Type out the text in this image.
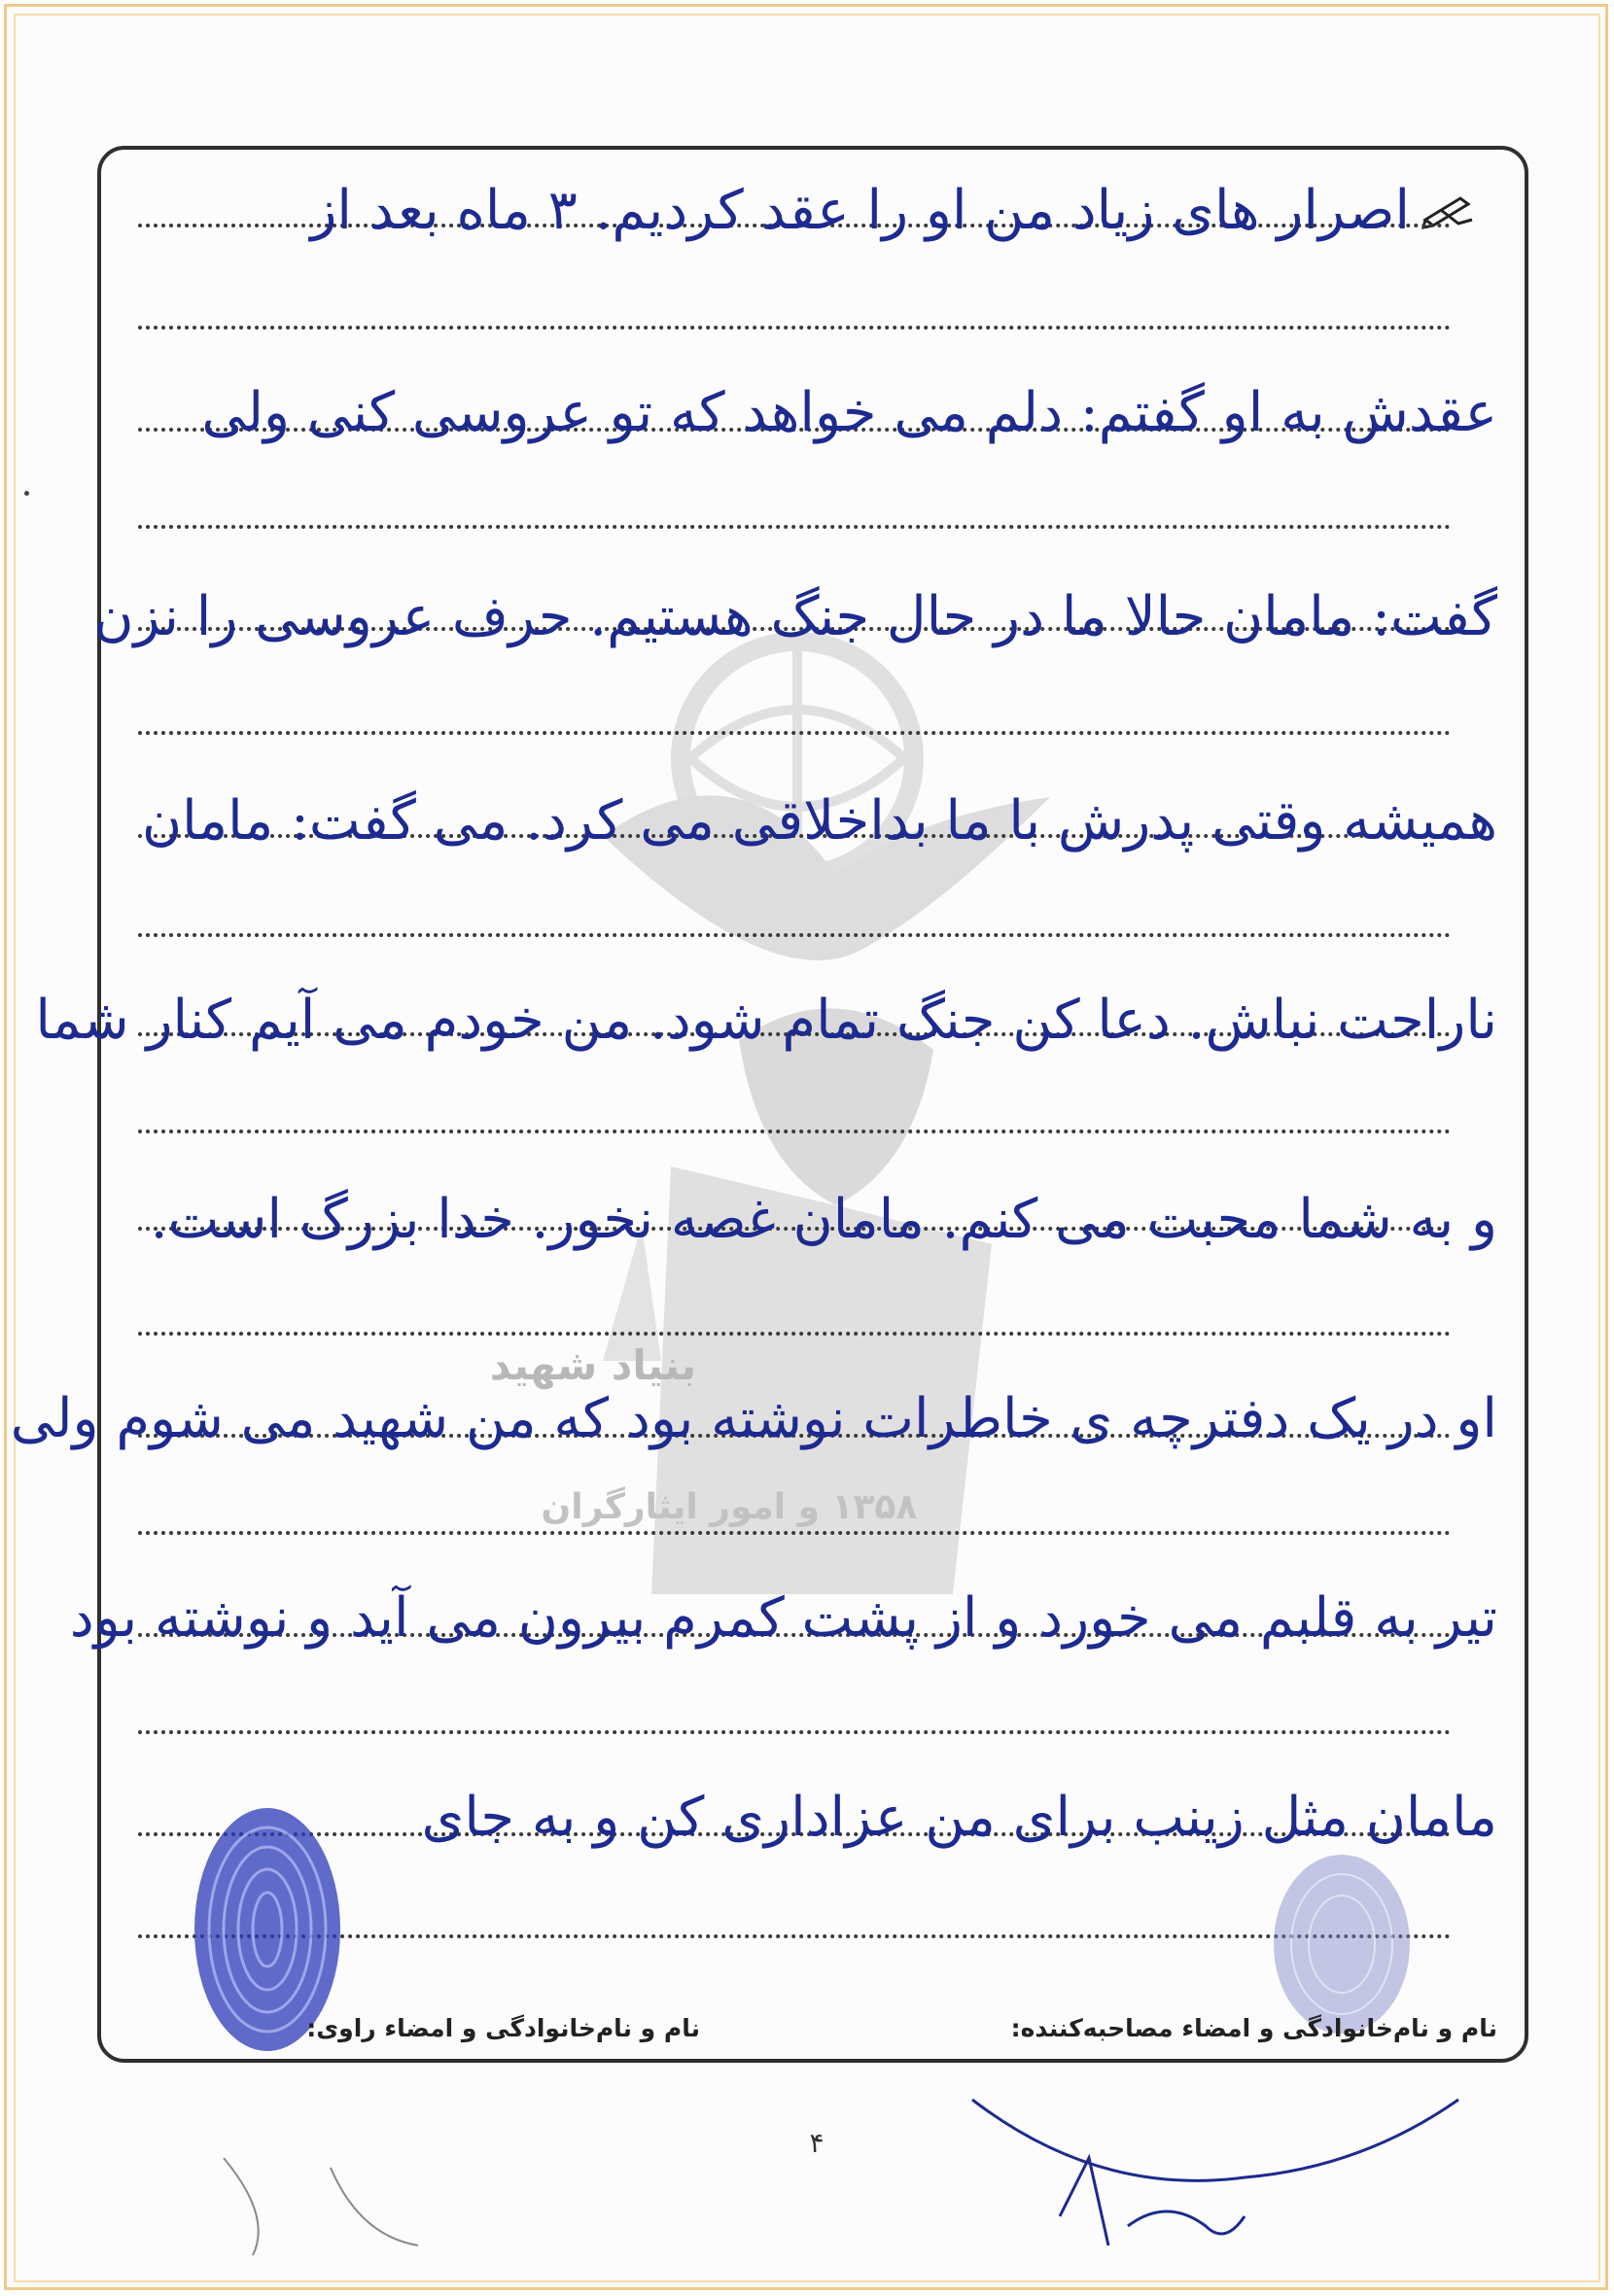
بنیاد شهید
۱۳۵۸ و امور ایثارگران
اصرار های زیاد من او را عقد کردیم. ۳ ماه بعد از
عقدش به او گفتم: دلم می خواهد که تو عروسی کنی ولی
گفت: مامان حالا ما در حال جنگ هستیم. حرف عروسی را نزن
همیشه وقتی پدرش با ما بداخلاقی می کرد. می گفت: مامان
ناراحت نباش. دعا کن جنگ تمام شود. من خودم می آیم کنار شما
و به شما محبت می کنم. مامان غصه نخور. خدا بزرگ است.
او در یک دفترچه ی خاطرات نوشته بود که من شهید می شوم ولی
تیر به قلبم می خورد و از پشت کمرم بیرون می آید و نوشته بود
مامان مثل زینب برای من عزاداری کن و به جای
نام و نام‌خانوادگی و امضاء مصاحبه‌کننده:
نام و نام‌خانوادگی و امضاء راوی:
۴
